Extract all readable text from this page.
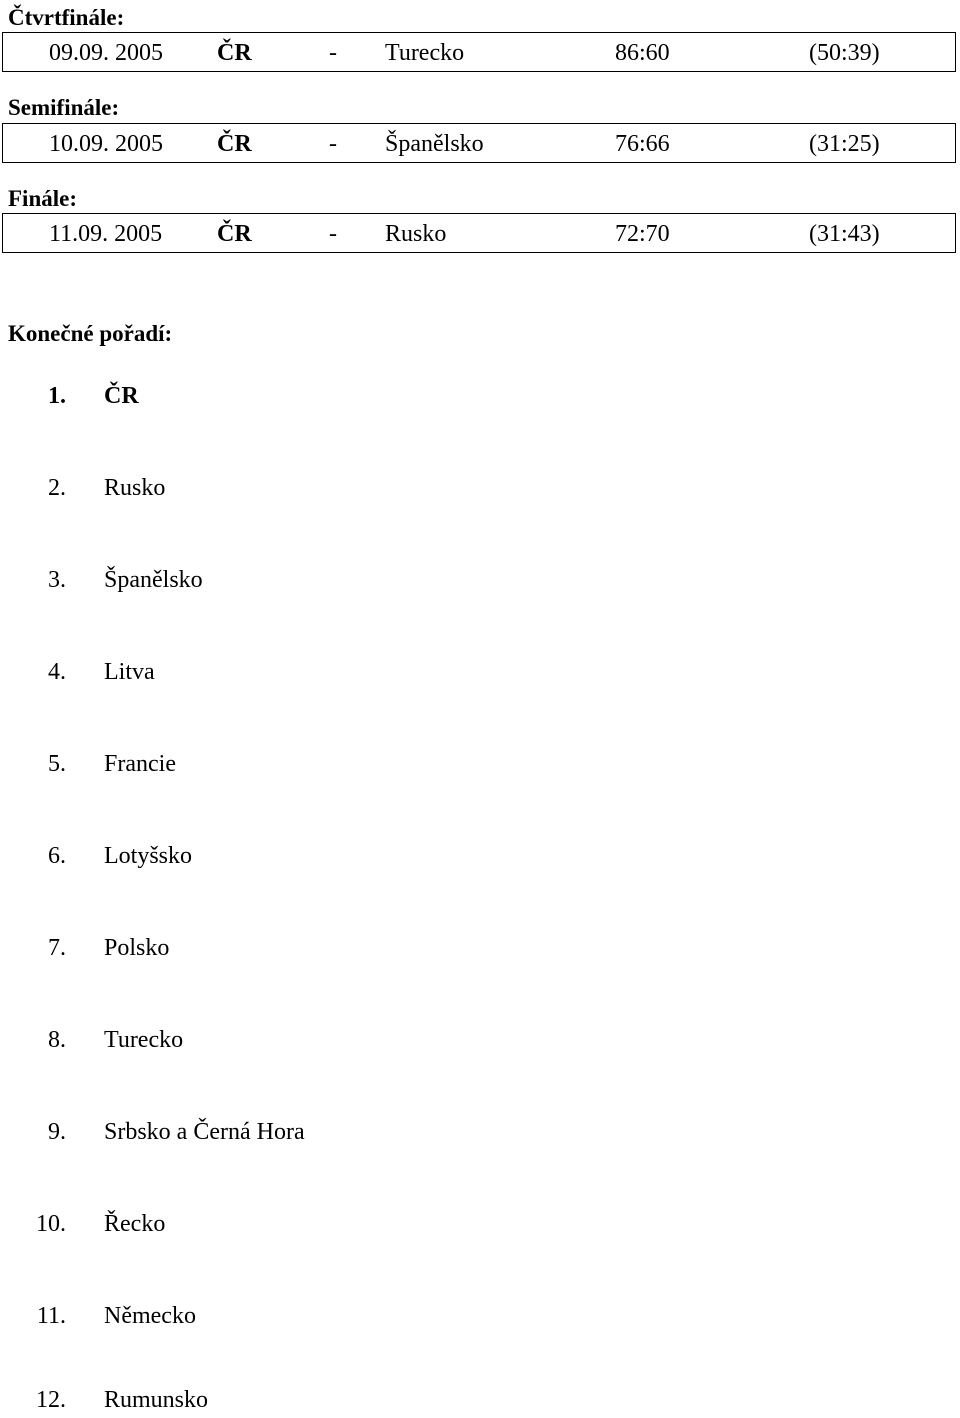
Čtvrtfinále:
09.09. 2005 ČR	- Turecko	86:60	(50:39)
Semifinále:
10.09. 2005 ČR	- Španělsko	76:66	(31:25)
Finále:
11.09. 2005 ČR	- Rusko	72:70	(31:43)
Konečné pořadí:
1. ČR
2. Rusko
3. Španělsko
4. Litva
5. Francie
6. Lotyšsko
7. Polsko
8. Turecko
9. Srbsko a Černá Hora
10. Řecko
11. Německo
12. Rumunsko
